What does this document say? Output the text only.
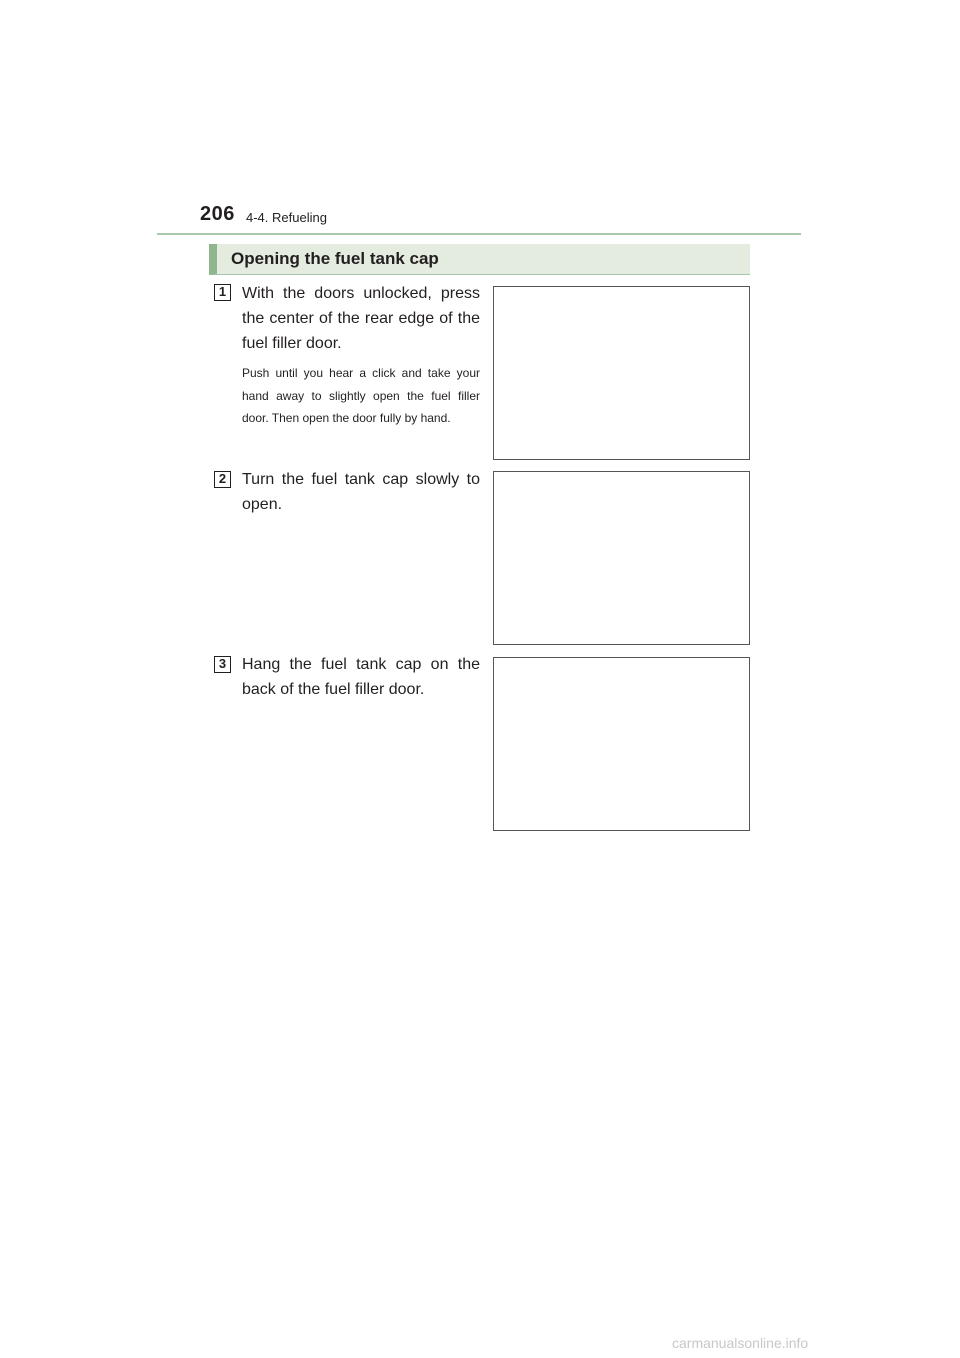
206 4-4. Refueling
Opening the fuel tank cap
1 With the doors unlocked, press the center of the rear edge of the fuel filler door.
Push until you hear a click and take your hand away to slightly open the fuel filler door. Then open the door fully by hand.
2 Turn the fuel tank cap slowly to open.
3 Hang the fuel tank cap on the back of the fuel filler door.
carmanualsonline.info
